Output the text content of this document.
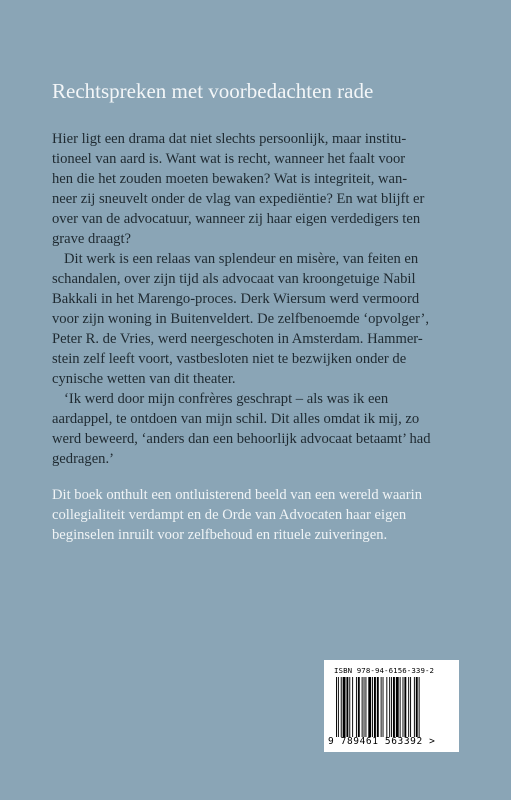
Rechtspreken met voorbedachten rade

Hier ligt een drama dat niet slechts persoonlijk, maar institu-
tioneel van aard is. Want wat is recht, wanneer het faalt voor
hen die het zouden moeten bewaken? Wat is integriteit, wan-
neer zij sneuvelt onder de vlag van expediëntie? En wat blijft er
over van de advocatuur, wanneer zij haar eigen verdedigers ten
grave draagt?

Dit werk is een relaas van splendeur en misère, van feiten en
schandalen, over zijn tijd als advocaat van kroongetuige Nabil
Bakkali in het Marengo-proces. Derk Wiersum werd vermoord
voor zijn woning in Buitenveldert. De zelfbenoemde ‘opvolger’,
Peter R. de Vries, werd neergeschoten in Amsterdam. Hammer-
stein zelf leeft voort, vastbesloten niet te bezwijken onder de
cynische wetten van dit theater.

‘Ik werd door mijn confrères geschrapt – als was ik een
aardappel, te ontdoen van mijn schil. Dit alles omdat ik mij, zo
werd beweerd, ‘anders dan een behoorlijk advocaat betaamt’ had
gedragen.’

Dit boek onthult een ontluisterend beeld van een wereld waarin
collegialiteit verdampt en de Orde van Advocaten haar eigen
beginselen inruilt voor zelfbehoud en rituele zuiveringen.

ISBN 978-94-6156-339-2
9 789461 563392 >
